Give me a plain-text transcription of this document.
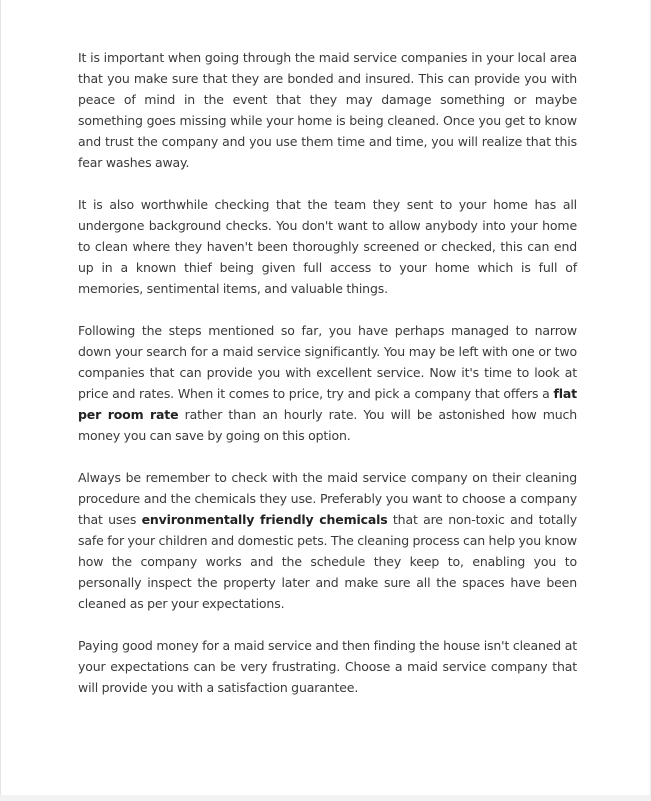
It is important when going through the maid service companies in your local area that you make sure that they are bonded and insured. This can provide you with peace of mind in the event that they may damage something or maybe something goes missing while your home is being cleaned. Once you get to know and trust the company and you use them time and time, you will realize that this fear washes away.

It is also worthwhile checking that the team they sent to your home has all undergone background checks. You don't want to allow anybody into your home to clean where they haven't been thoroughly screened or checked, this can end up in a known thief being given full access to your home which is full of memories, sentimental items, and valuable things.

Following the steps mentioned so far, you have perhaps managed to narrow down your search for a maid service significantly. You may be left with one or two companies that can provide you with excellent service. Now it's time to look at price and rates. When it comes to price, try and pick a company that offers a flat per room rate rather than an hourly rate. You will be astonished how much money you can save by going on this option.

Always be remember to check with the maid service company on their cleaning procedure and the chemicals they use. Preferably you want to choose a company that uses environmentally friendly chemicals that are non-toxic and totally safe for your children and domestic pets. The cleaning process can help you know how the company works and the schedule they keep to, enabling you to personally inspect the property later and make sure all the spaces have been cleaned as per your expectations.

Paying good money for a maid service and then finding the house isn't cleaned at your expectations can be very frustrating. Choose a maid service company that will provide you with a satisfaction guarantee.
